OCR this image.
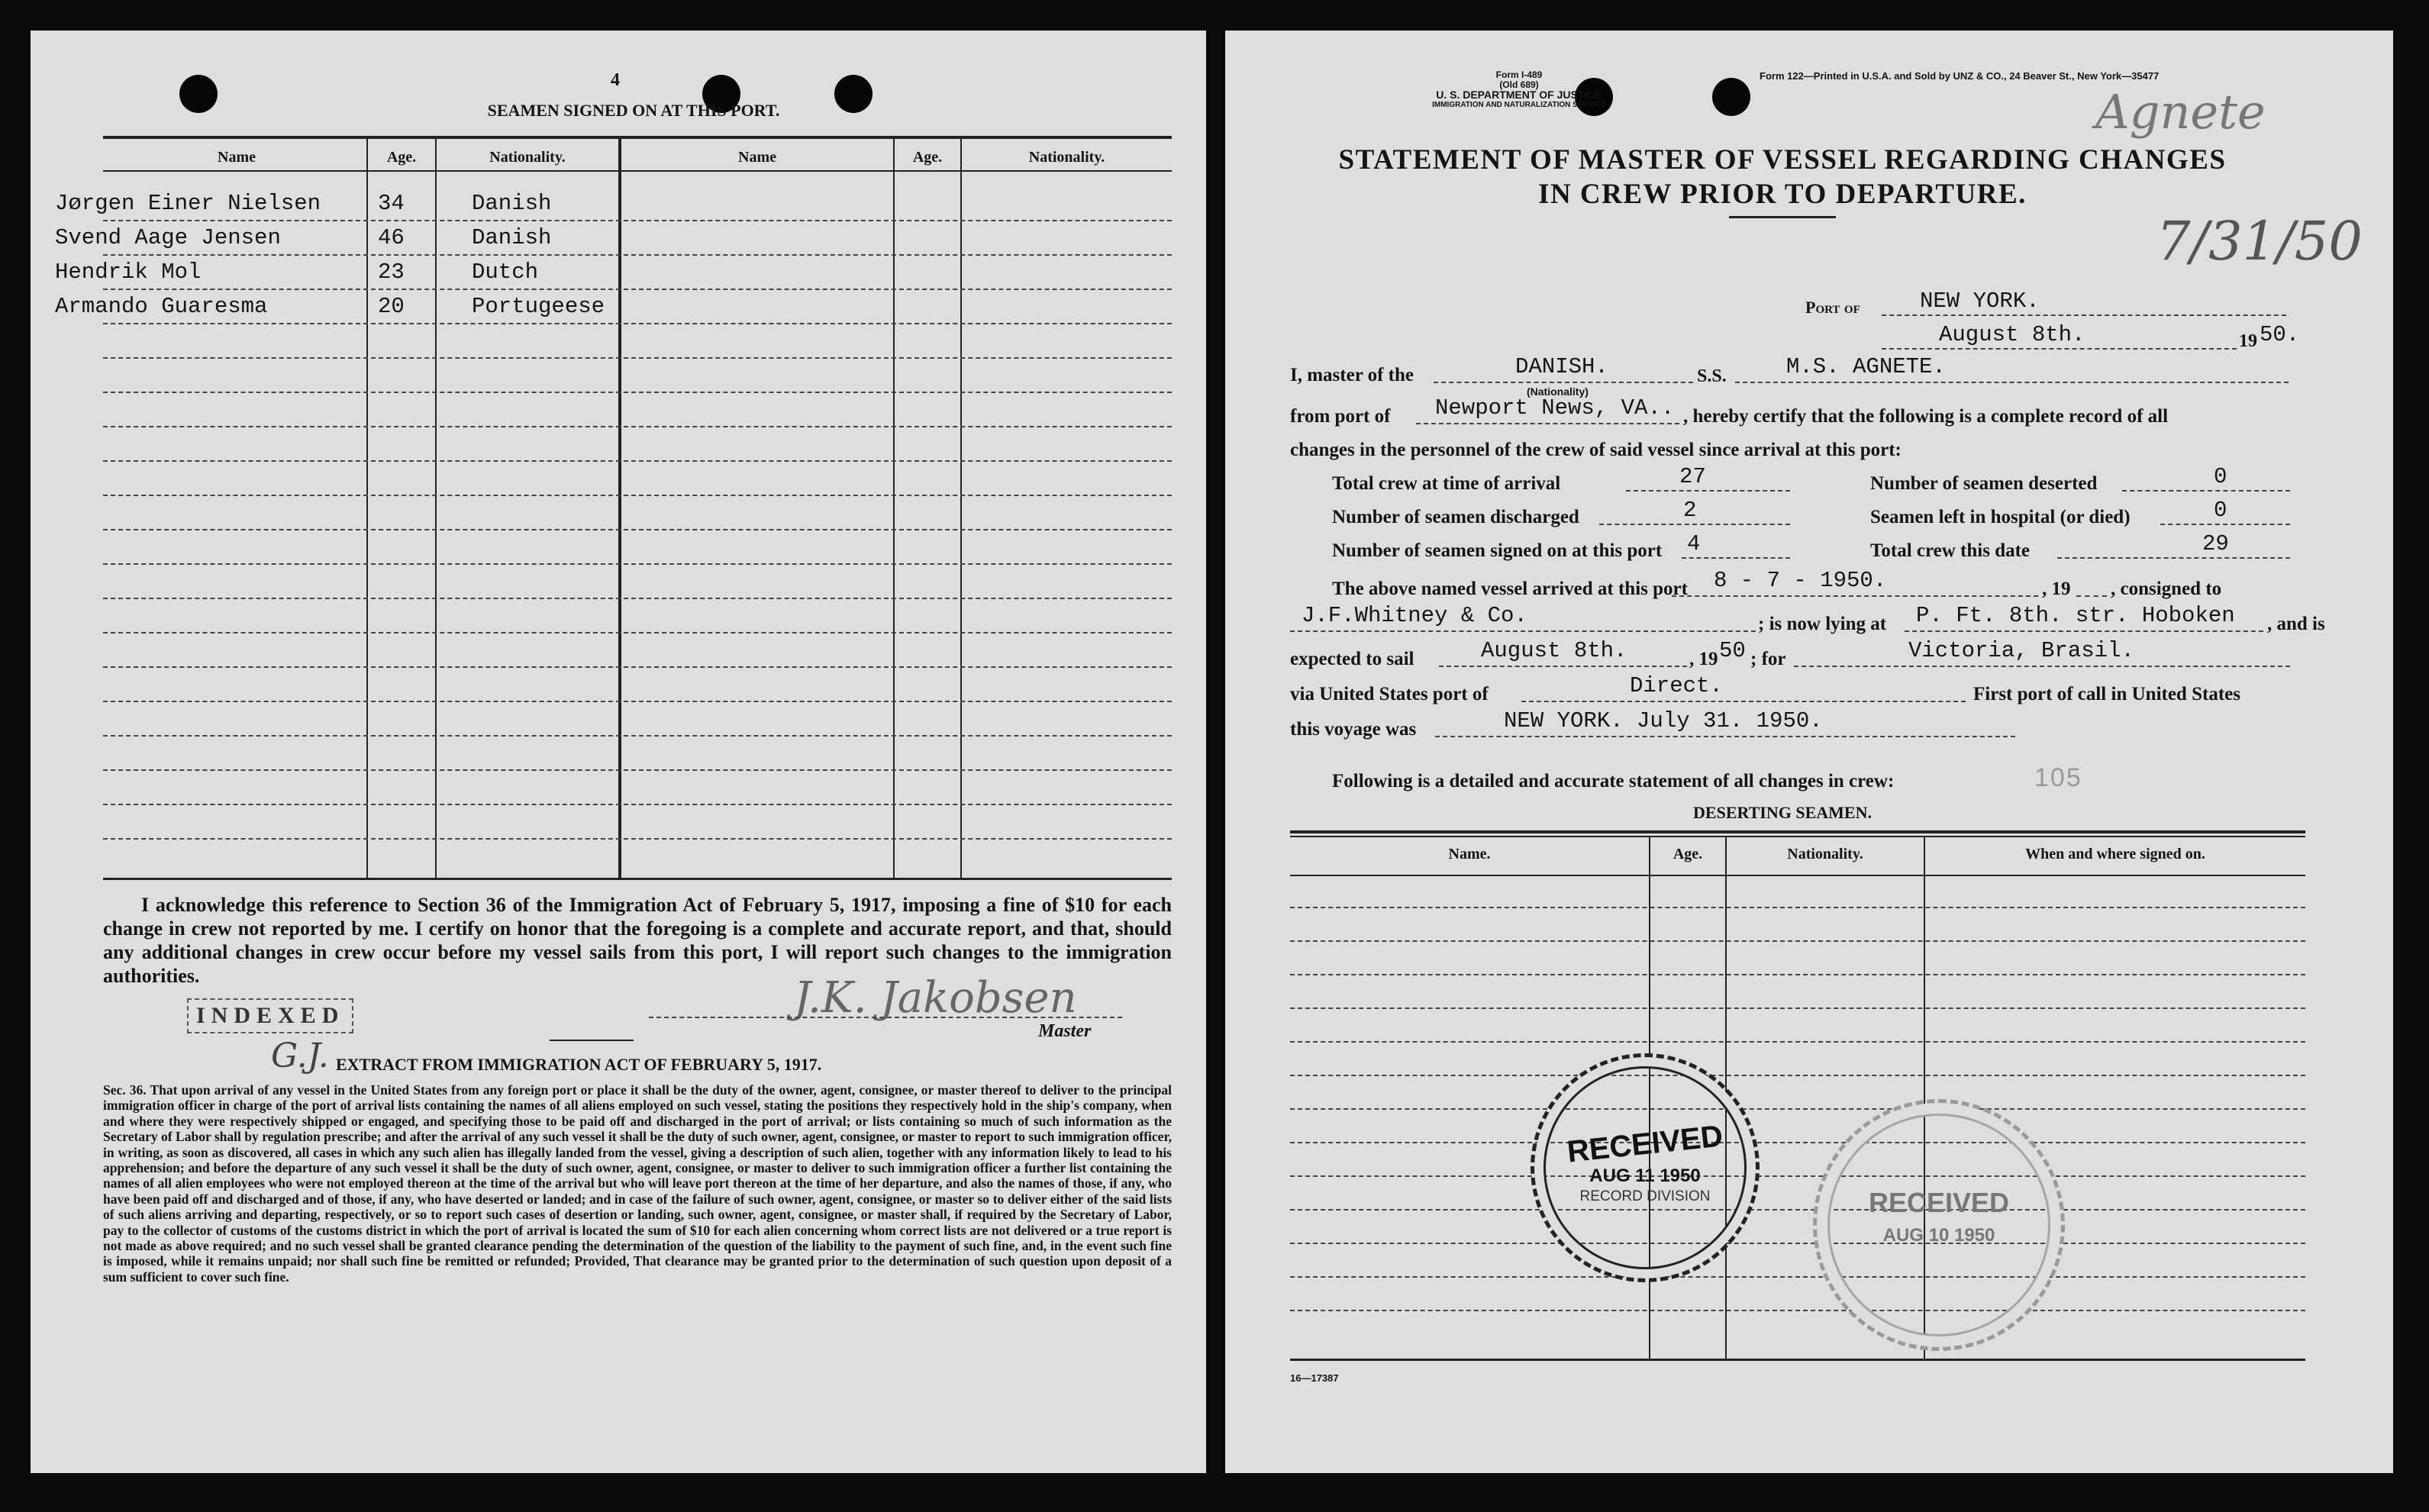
4
SEAMEN SIGNED ON AT THIS PORT.
Name	Age.	Nationality.	Name	Age.	Nationality.
Jørgen Einer Nielsen	34	Danish
Svend Aage Jensen	46	Danish
Hendrik Mol	23	Dutch
Armando Guaresma	20	Portugeese
I acknowledge this reference to Section 36 of the Immigration Act of February 5, 1917, imposing a fine of $10 for each change in crew not reported by me. I certify on honor that the foregoing is a complete and accurate report, and that, should any additional changes in crew occur before my vessel sails from this port, I will report such changes to the immigration authorities.
INDEXED
G.J.
J.K. Jakobsen
Master
EXTRACT FROM IMMIGRATION ACT OF FEBRUARY 5, 1917.
Sec. 36. That upon arrival of any vessel in the United States from any foreign port or place it shall be the duty of the owner, agent, consignee, or master thereof to deliver to the principal immigration officer in charge of the port of arrival lists containing the names of all aliens employed on such vessel, stating the positions they respectively hold in the ship's company, when and where they were respectively shipped or engaged, and specifying those to be paid off and discharged in the port of arrival; or lists containing so much of such information as the Secretary of Labor shall by regulation prescribe; and after the arrival of any such vessel it shall be the duty of such owner, agent, consignee, or master to report to such immigration officer, in writing, as soon as discovered, all cases in which any such alien has illegally landed from the vessel, giving a description of such alien, together with any information likely to lead to his apprehension; and before the departure of any such vessel it shall be the duty of such owner, agent, consignee, or master to deliver to such immigration officer a further list containing the names of all alien employees who were not employed thereon at the time of the arrival but who will leave port thereon at the time of her departure, and also the names of those, if any, who have been paid off and discharged and of those, if any, who have deserted or landed; and in case of the failure of such owner, agent, consignee, or master so to deliver either of the said lists of such aliens arriving and departing, respectively, or so to report such cases of desertion or landing, such owner, agent, consignee, or master shall, if required by the Secretary of Labor, pay to the collector of customs of the customs district in which the port of arrival is located the sum of $10 for each alien concerning whom correct lists are not delivered or a true report is not made as above required; and no such vessel shall be granted clearance pending the determination of the question of the liability to the payment of such fine, and, in the event such fine is imposed, while it remains unpaid; nor shall such fine be remitted or refunded; Provided, That clearance may be granted prior to the determination of such question upon deposit of a sum sufficient to cover such fine.
Form I-489
(Old 689)
U. S. DEPARTMENT OF JUSTICE
IMMIGRATION AND NATURALIZATION SERVICE
Form 122—Printed in U.S.A. and Sold by UNZ & CO., 24 Beaver St., New York—35477
Agnete
7/31/50
STATEMENT OF MASTER OF VESSEL REGARDING CHANGES
IN CREW PRIOR TO DEPARTURE.
Port of	NEW YORK.
August 8th.	19 50.
I, master of the	DANISH.
(Nationality)
S.S.	M.S. AGNETE.
from port of Newport News, VA.. , hereby certify that the following is a complete record of all
changes in the personnel of the crew of said vessel since arrival at this port:
Total crew at time of arrival	27
Number of seamen discharged	2
Number of seamen signed on at this port 4
Number of seamen deserted	0
Seamen left in hospital (or died)	0
Total crew this date	29
The above named vessel arrived at this port 8 - 7 - 1950.	, 19 , consigned to
J.F.Whitney & Co.	; is now lying at P. Ft. 8th. str. Hoboken , and is
expected to sail	August 8th.	, 19 50 ; for	Victoria, Brasil.
via United States port of	Direct.	First port of call in United States
this voyage was	NEW YORK. July 31. 1950.
Following is a detailed and accurate statement of all changes in crew:	105
DESERTING SEAMEN.
Name.	Age.	Nationality.	When and where signed on.
RECEIVED
AUG 11 1950
RECORD DIVISION	RECEIVED
AUG 10 1950
16—17387
